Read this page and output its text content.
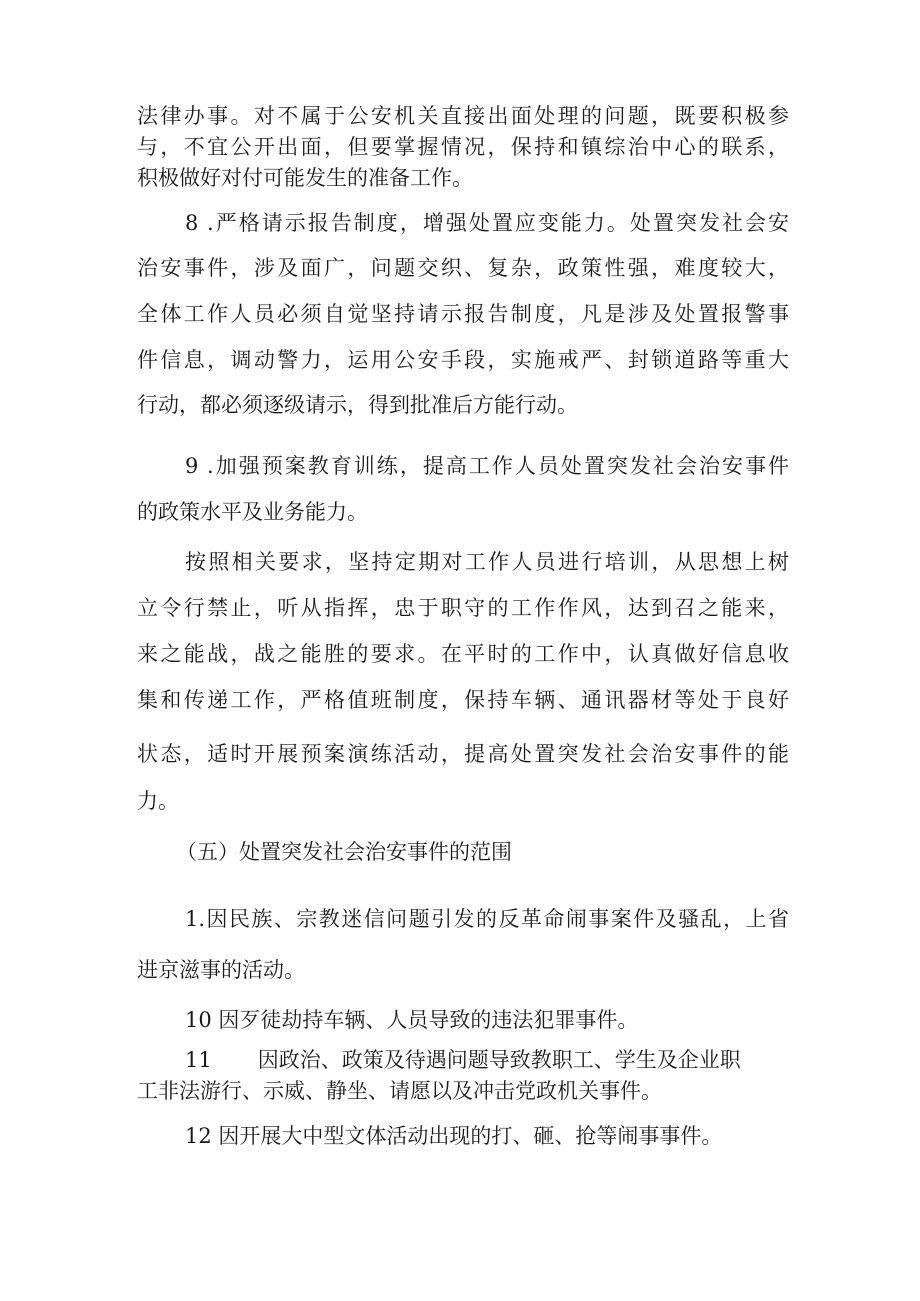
法律办事。对不属于公安机关直接出面处理的问题，既要积极参
与，不宜公开出面，但要掌握情况，保持和镇综治中心的联系，
积极做好对付可能发生的准备工作。
8 .严格请示报告制度，增强处置应变能力。处置突发社会安
治安事件，涉及面广，问题交织、复杂，政策性强，难度较大，
全体工作人员必须自觉坚持请示报告制度，凡是涉及处置报警事
件信息，调动警力，运用公安手段，实施戒严、封锁道路等重大
行动，都必须逐级请示，得到批准后方能行动。
9 .加强预案教育训练，提高工作人员处置突发社会治安事件
的政策水平及业务能力。
按照相关要求，坚持定期对工作人员进行培训，从思想上树
立令行禁止，听从指挥，忠于职守的工作作风，达到召之能来，
来之能战，战之能胜的要求。在平时的工作中，认真做好信息收
集和传递工作，严格值班制度，保持车辆、通讯器材等处于良好
状态，适时开展预案演练活动，提高处置突发社会治安事件的能
力。
（五）处置突发社会治安事件的范围
1.因民族、宗教迷信问题引发的反革命闹事案件及骚乱，上省
进京滋事的活动。
10 因歹徒劫持车辆、人员导致的违法犯罪事件。
11 因政治、政策及待遇问题导致教职工、学生及企业职
工非法游行、示威、静坐、请愿以及冲击党政机关事件。
12 因开展大中型文体活动出现的打、砸、抢等闹事事件。
